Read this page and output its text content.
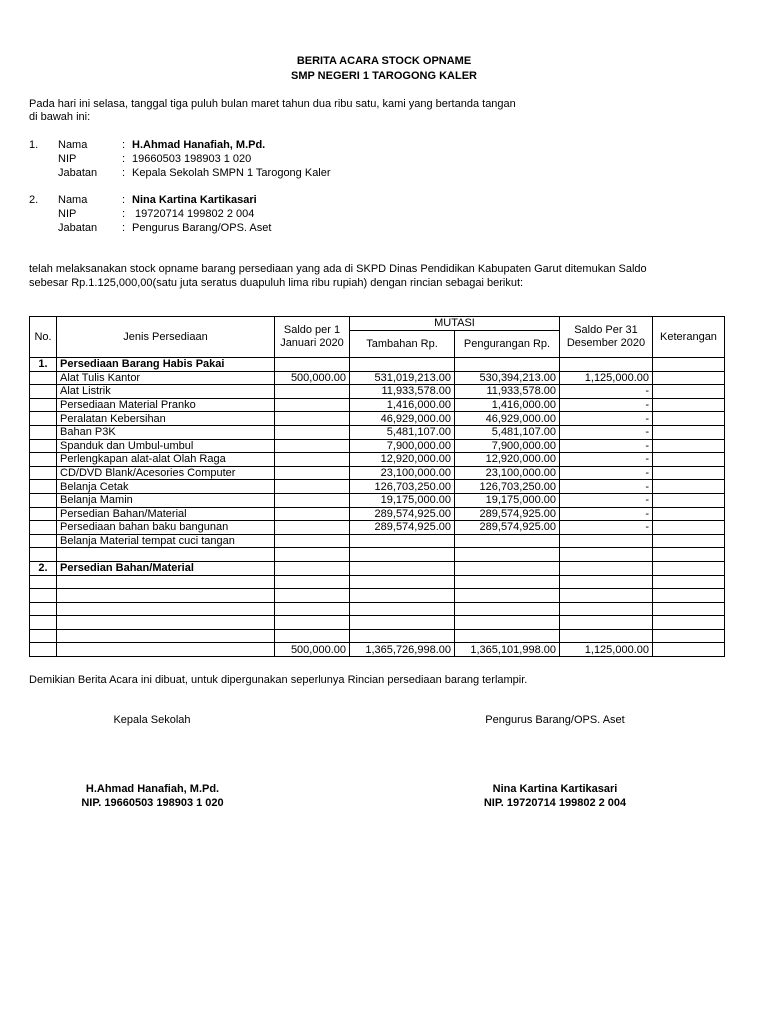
BERITA ACARA STOCK OPNAME
SMP NEGERI 1 TAROGONG KALER
Pada hari ini selasa, tanggal tiga puluh bulan maret tahun dua ribu satu, kami yang bertanda tangan
di bawah ini:
1. Nama	: H.Ahmad Hanafiah, M.Pd.
NIP	: 19660503 198903 1 020
Jabatan : Kepala Sekolah SMPN 1 Tarogong Kaler
2. Nama	: Nina Kartina Kartikasari
NIP	: 19720714 199802 2 004
Jabatan : Pengurus Barang/OPS. Aset
telah melaksanakan stock opname barang persediaan yang ada di SKPD Dinas Pendidikan Kabupaten Garut ditemukan Saldo
sebesar Rp.1.125,000,00(satu juta seratus duapuluh lima ribu rupiah) dengan rincian sebagai berikut:
No.	Jenis Persediaan	Saldo per 1 Januari 2020	MUTASI		Saldo Per 31 Desember 2020	Keterangan
			Tambahan Rp.	Pengurangan Rp.		
1.	Persediaan Barang Habis Pakai					
	Alat Tulis Kantor	500,000.00	531,019,213.00	530,394,213.00	1,125,000.00	
	Alat Listrik		11,933,578.00	11,933,578.00	-	
	Persediaan Material Pranko		1,416,000.00	1,416,000.00	-	
	Peralatan Kebersihan		46,929,000.00	46,929,000.00	-	
	Bahan P3K		5,481,107.00	5,481,107.00	-	
	Spanduk dan Umbul-umbul		7,900,000.00	7,900,000.00	-	
	Perlengkapan alat-alat Olah Raga		12,920,000.00	12,920,000.00	-	
	CD/DVD Blank/Acesories Computer		23,100,000.00	23,100,000.00	-	
	Belanja Cetak		126,703,250.00	126,703,250.00	-	
	Belanja Mamin		19,175,000.00	19,175,000.00	-	
	Persedian Bahan/Material		289,574,925.00	289,574,925.00	-	
	Persediaan bahan baku bangunan		289,574,925.00	289,574,925.00	-	
	Belanja Material tempat cuci tangan					

2.	Persedian Bahan/Material					

		500,000.00	1,365,726,998.00	1,365,101,998.00	1,125,000.00	
Demikian Berita Acara ini dibuat, untuk dipergunakan seperlunya Rincian persediaan barang terlampir.
Kepala Sekolah
H.Ahmad Hanafiah, M.Pd.
NIP. 19660503 198903 1 020
Pengurus Barang/OPS. Aset
Nina Kartina Kartikasari
NIP. 19720714 199802 2 004
